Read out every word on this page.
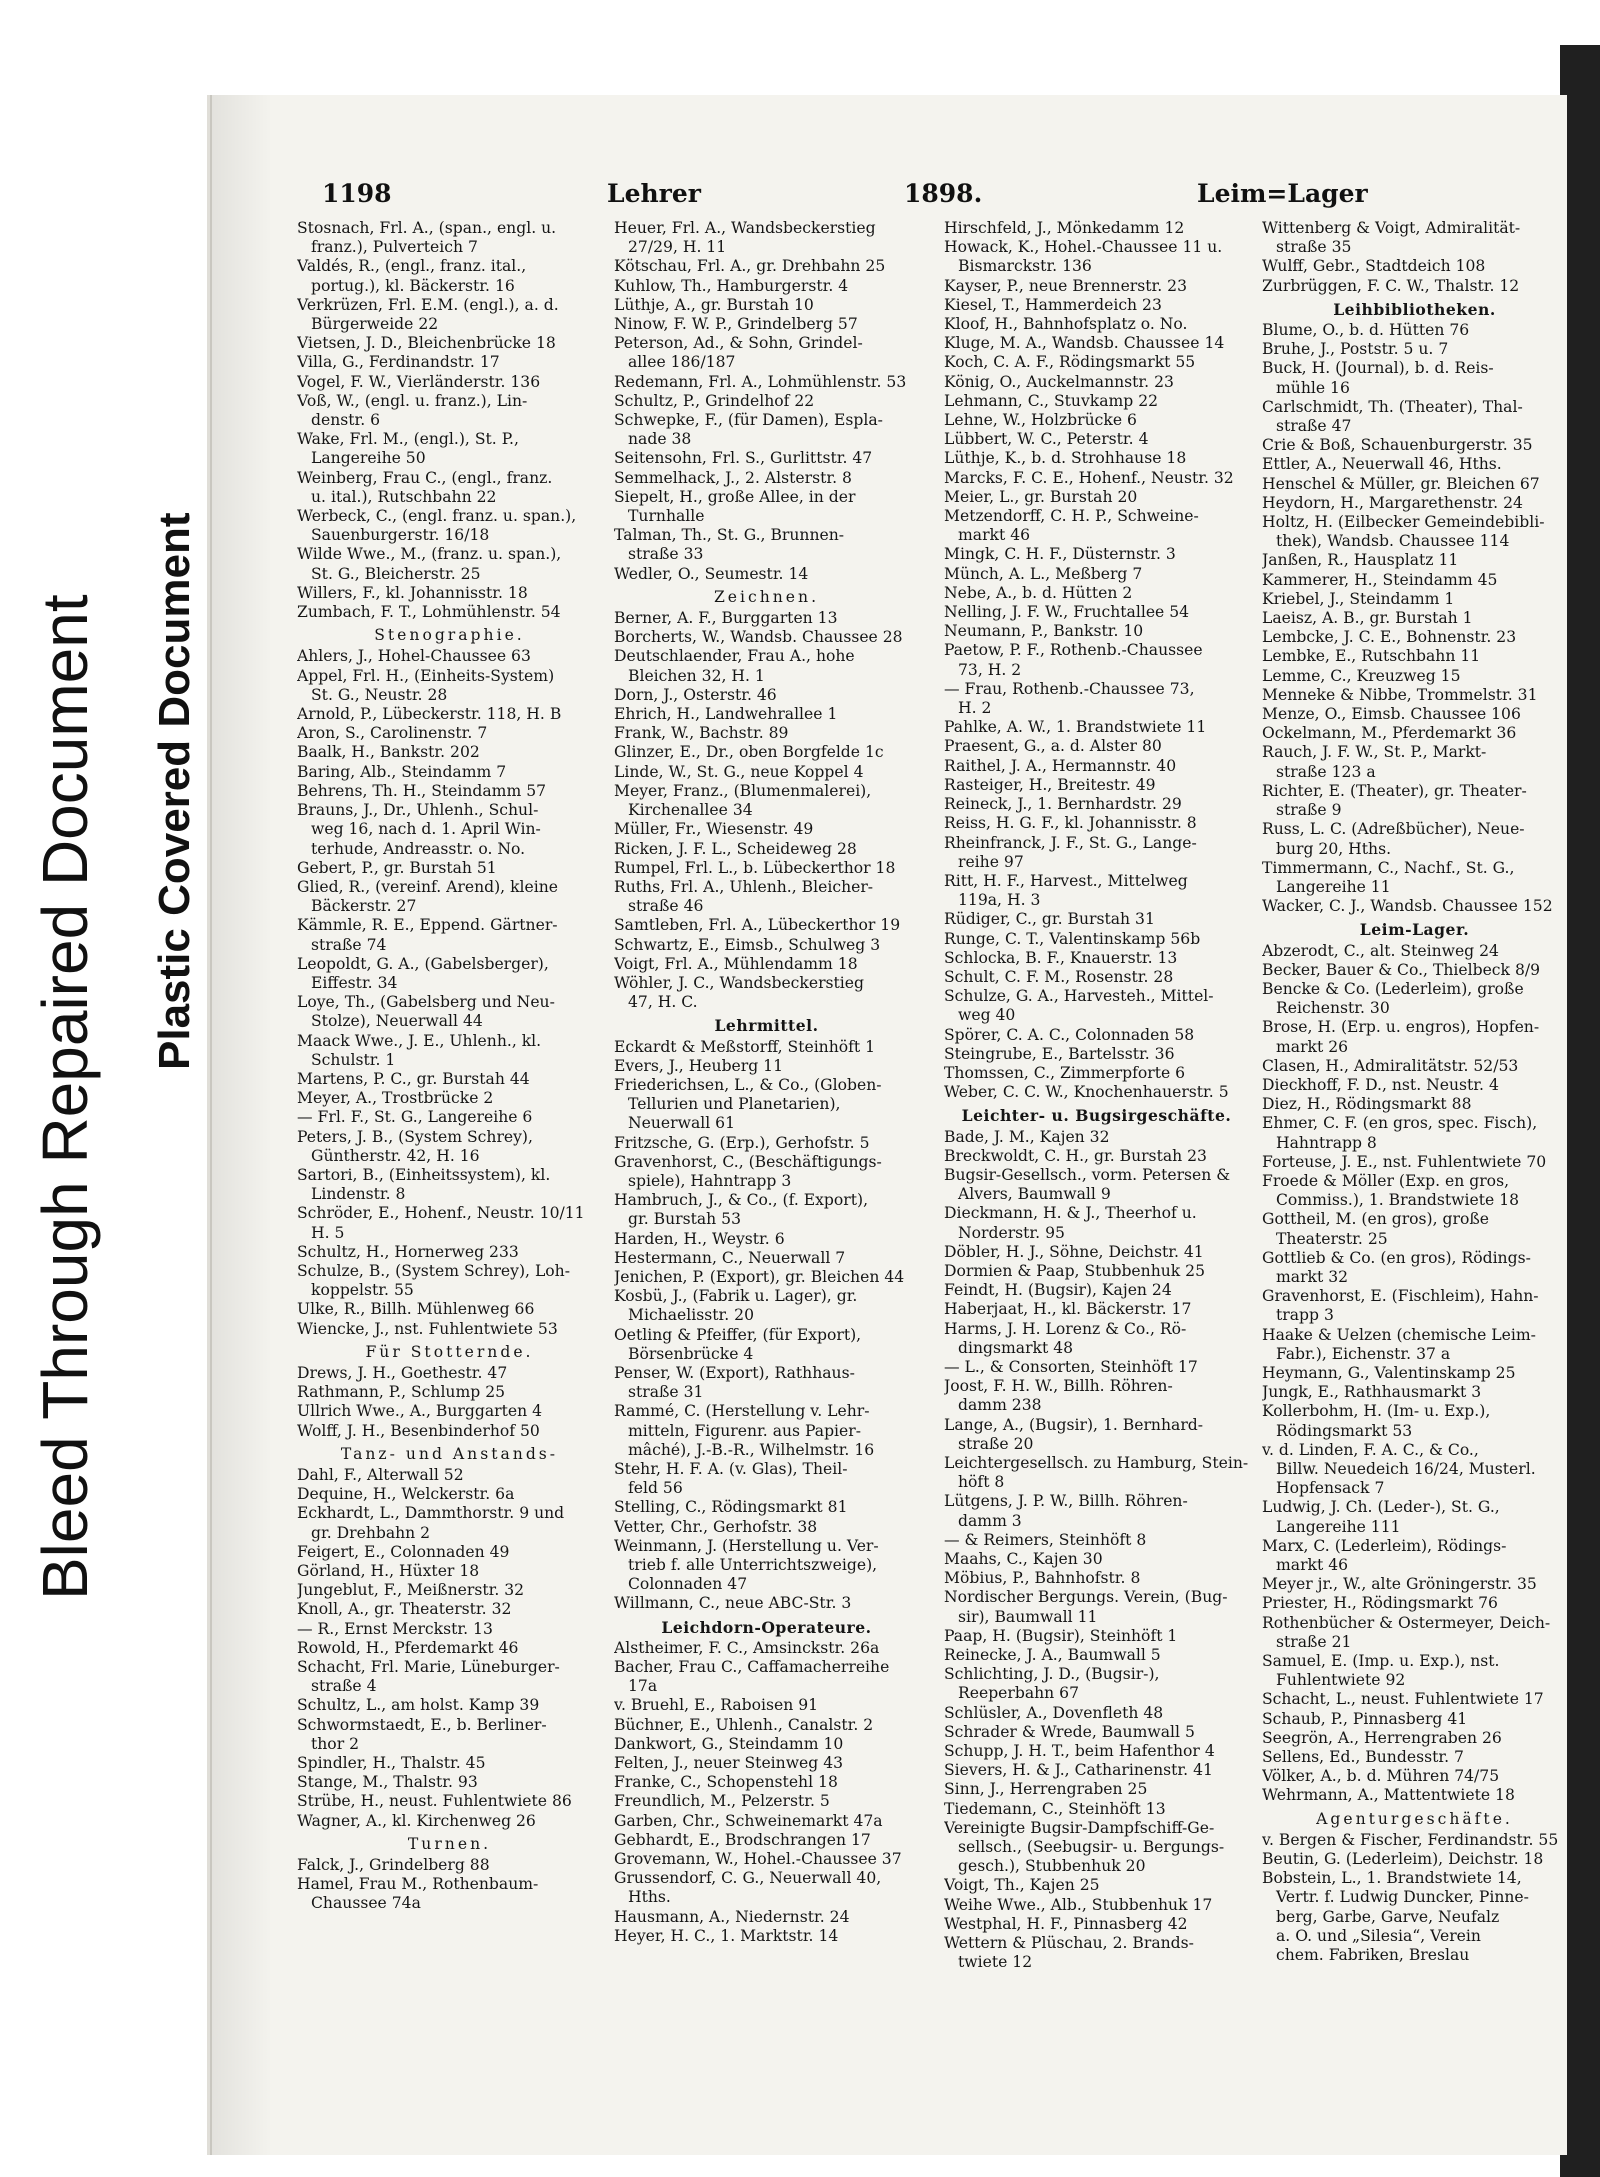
Bleed Through Repaired Document Plastic Covered Document
1198	Lehrer	1898.	Leim=Lager
Stosnach, Frl. A., (span., engl. u.
franz.), Pulverteich 7
Valdés, R., (engl., franz. ital.,
portug.), kl. Bäckerstr. 16
Verkrüzen, Frl. E.M. (engl.), a. d.
Bürgerweide 22
Vietsen, J. D., Bleichenbrücke 18
Villa, G., Ferdinandstr. 17
Vogel, F. W., Vierländerstr. 136
Voß, W., (engl. u. franz.), Lin-
denstr. 6
Wake, Frl. M., (engl.), St. P.,
Langereihe 50
Weinberg, Frau C., (engl., franz.
u. ital.), Rutschbahn 22
Werbeck, C., (engl. franz. u. span.),
Sauenburgerstr. 16/18
Wilde Wwe., M., (franz. u. span.),
St. G., Bleicherstr. 25
Willers, F., kl. Johannisstr. 18
Zumbach, F. T., Lohmühlenstr. 54
Stenographie.
Ahlers, J., Hohel-Chaussee 63
Appel, Frl. H., (Einheits-System)
St. G., Neustr. 28
Arnold, P., Lübeckerstr. 118, H. B
Aron, S., Carolinenstr. 7
Baalk, H., Bankstr. 202
Baring, Alb., Steindamm 7
Behrens, Th. H., Steindamm 57
Brauns, J., Dr., Uhlenh., Schul-
weg 16, nach d. 1. April Win-
terhude, Andreasstr. o. No.
Gebert, P., gr. Burstah 51
Glied, R., (vereinf. Arend), kleine
Bäckerstr. 27
Kämmle, R. E., Eppend. Gärtner-
straße 74
Leopoldt, G. A., (Gabelsberger),
Eiffestr. 34
Loye, Th., (Gabelsberg und Neu-
Stolze), Neuerwall 44
Maack Wwe., J. E., Uhlenh., kl.
Schulstr. 1
Martens, P. C., gr. Burstah 44
Meyer, A., Trostbrücke 2
— Frl. F., St. G., Langereihe 6
Peters, J. B., (System Schrey),
Güntherstr. 42, H. 16
Sartori, B., (Einheitssystem), kl.
Lindenstr. 8
Schröder, E., Hohenf., Neustr. 10/11
H. 5
Schultz, H., Hornerweg 233
Schulze, B., (System Schrey), Loh-
koppelstr. 55
Ulke, R., Billh. Mühlenweg 66
Wiencke, J., nst. Fuhlentwiete 53
Für Stotternde.
Drews, J. H., Goethestr. 47
Rathmann, P., Schlump 25
Ullrich Wwe., A., Burggarten 4
Wolff, J. H., Besenbinderhof 50
Tanz- und Anstands-
Dahl, F., Alterwall 52
Dequine, H., Welckerstr. 6a
Eckhardt, L., Dammthorstr. 9 und
gr. Drehbahn 2
Feigert, E., Colonnaden 49
Görland, H., Hüxter 18
Jungeblut, F., Meißnerstr. 32
Knoll, A., gr. Theaterstr. 32
— R., Ernst Merckstr. 13
Rowold, H., Pferdemarkt 46
Schacht, Frl. Marie, Lüneburger-
straße 4
Schultz, L., am holst. Kamp 39
Schwormstaedt, E., b. Berliner-
thor 2
Spindler, H., Thalstr. 45
Stange, M., Thalstr. 93
Strübe, H., neust. Fuhlentwiete 86
Wagner, A., kl. Kirchenweg 26
Turnen.
Falck, J., Grindelberg 88
Hamel, Frau M., Rothenbaum-
Chaussee 74a
Heuer, Frl. A., Wandsbeckerstieg
27/29, H. 11
Kötschau, Frl. A., gr. Drehbahn 25
Kuhlow, Th., Hamburgerstr. 4
Lüthje, A., gr. Burstah 10
Ninow, F. W. P., Grindelberg 57
Peterson, Ad., & Sohn, Grindel-
allee 186/187
Redemann, Frl. A., Lohmühlenstr. 53
Schultz, P., Grindelhof 22
Schwepke, F., (für Damen), Espla-
nade 38
Seitensohn, Frl. S., Gurlittstr. 47
Semmelhack, J., 2. Alsterstr. 8
Siepelt, H., große Allee, in der
Turnhalle
Talman, Th., St. G., Brunnen-
straße 33
Wedler, O., Seumestr. 14
Zeichnen.
Berner, A. F., Burggarten 13
Borcherts, W., Wandsb. Chaussee 28
Deutschlaender, Frau A., hohe
Bleichen 32, H. 1
Dorn, J., Osterstr. 46
Ehrich, H., Landwehrallee 1
Frank, W., Bachstr. 89
Glinzer, E., Dr., oben Borgfelde 1c
Linde, W., St. G., neue Koppel 4
Meyer, Franz., (Blumenmalerei),
Kirchenallee 34
Müller, Fr., Wiesenstr. 49
Ricken, J. F. L., Scheideweg 28
Rumpel, Frl. L., b. Lübeckerthor 18
Ruths, Frl. A., Uhlenh., Bleicher-
straße 46
Samtleben, Frl. A., Lübeckerthor 19
Schwartz, E., Eimsb., Schulweg 3
Voigt, Frl. A., Mühlendamm 18
Wöhler, J. C., Wandsbeckerstieg
47, H. C.
Lehrmittel.
Eckardt & Meßstorff, Steinhöft 1
Evers, J., Heuberg 11
Friederichsen, L., & Co., (Globen-
Tellurien und Planetarien),
Neuerwall 61
Fritzsche, G. (Erp.), Gerhofstr. 5
Gravenhorst, C., (Beschäftigungs-
spiele), Hahntrapp 3
Hambruch, J., & Co., (f. Export),
gr. Burstah 53
Harden, H., Weystr. 6
Hestermann, C., Neuerwall 7
Jenichen, P. (Export), gr. Bleichen 44
Kosbü, J., (Fabrik u. Lager), gr.
Michaelisstr. 20
Oetling & Pfeiffer, (für Export),
Börsenbrücke 4
Penser, W. (Export), Rathhaus-
straße 31
Rammé, C. (Herstellung v. Lehr-
mitteln, Figurenr. aus Papier-
mâché), J.-B.-R., Wilhelmstr. 16
Stehr, H. F. A. (v. Glas), Theil-
feld 56
Stelling, C., Rödingsmarkt 81
Vetter, Chr., Gerhofstr. 38
Weinmann, J. (Herstellung u. Ver-
trieb f. alle Unterrichtszweige),
Colonnaden 47
Willmann, C., neue ABC-Str. 3
Leichdorn-Operateure.
Alstheimer, F. C., Amsinckstr. 26a
Bacher, Frau C., Caffamacherreihe
17a
v. Bruehl, E., Raboisen 91
Büchner, E., Uhlenh., Canalstr. 2
Dankwort, G., Steindamm 10
Felten, J., neuer Steinweg 43
Franke, C., Schopenstehl 18
Freundlich, M., Pelzerstr. 5
Garben, Chr., Schweinemarkt 47a
Gebhardt, E., Brodschrangen 17
Grovemann, W., Hohel.-Chaussee 37
Grussendorf, C. G., Neuerwall 40,
Hths.
Hausmann, A., Niedernstr. 24
Heyer, H. C., 1. Marktstr. 14
Hirschfeld, J., Mönkedamm 12
Howack, K., Hohel.-Chaussee 11 u.
Bismarckstr. 136
Kayser, P., neue Brennerstr. 23
Kiesel, T., Hammerdeich 23
Kloof, H., Bahnhofsplatz o. No.
Kluge, M. A., Wandsb. Chaussee 14
Koch, C. A. F., Rödingsmarkt 55
König, O., Auckelmannstr. 23
Lehmann, C., Stuvkamp 22
Lehne, W., Holzbrücke 6
Lübbert, W. C., Peterstr. 4
Lüthje, K., b. d. Strohhause 18
Marcks, F. C. E., Hohenf., Neustr. 32
Meier, L., gr. Burstah 20
Metzendorff, C. H. P., Schweine-
markt 46
Mingk, C. H. F., Düsternstr. 3
Münch, A. L., Meßberg 7
Nebe, A., b. d. Hütten 2
Nelling, J. F. W., Fruchtallee 54
Neumann, P., Bankstr. 10
Paetow, P. F., Rothenb.-Chaussee
73, H. 2
— Frau, Rothenb.-Chaussee 73,
H. 2
Pahlke, A. W., 1. Brandstwiete 11
Praesent, G., a. d. Alster 80
Raithel, J. A., Hermannstr. 40
Rasteiger, H., Breitestr. 49
Reineck, J., 1. Bernhardstr. 29
Reiss, H. G. F., kl. Johannisstr. 8
Rheinfranck, J. F., St. G., Lange-
reihe 97
Ritt, H. F., Harvest., Mittelweg
119a, H. 3
Rüdiger, C., gr. Burstah 31
Runge, C. T., Valentinskamp 56b
Schlocka, B. F., Knauerstr. 13
Schult, C. F. M., Rosenstr. 28
Schulze, G. A., Harvesteh., Mittel-
weg 40
Spörer, C. A. C., Colonnaden 58
Steingrube, E., Bartelsstr. 36
Thomssen, C., Zimmerpforte 6
Weber, C. C. W., Knochenhauerstr. 5
Leichter- u. Bugsirgeschäfte.
Bade, J. M., Kajen 32
Breckwoldt, C. H., gr. Burstah 23
Bugsir-Gesellsch., vorm. Petersen &
Alvers, Baumwall 9
Dieckmann, H. & J., Theerhof u.
Norderstr. 95
Döbler, H. J., Söhne, Deichstr. 41
Dormien & Paap, Stubbenhuk 25
Feindt, H. (Bugsir), Kajen 24
Haberjaat, H., kl. Bäckerstr. 17
Harms, J. H. Lorenz & Co., Rö-
dingsmarkt 48
— L., & Consorten, Steinhöft 17
Joost, F. H. W., Billh. Röhren-
damm 238
Lange, A., (Bugsir), 1. Bernhard-
straße 20
Leichtergesellsch. zu Hamburg, Stein-
höft 8
Lütgens, J. P. W., Billh. Röhren-
damm 3
— & Reimers, Steinhöft 8
Maahs, C., Kajen 30
Möbius, P., Bahnhofstr. 8
Nordischer Bergungs. Verein, (Bug-
sir), Baumwall 11
Paap, H. (Bugsir), Steinhöft 1
Reinecke, J. A., Baumwall 5
Schlichting, J. D., (Bugsir-),
Reeperbahn 67
Schlüsler, A., Dovenfleth 48
Schrader & Wrede, Baumwall 5
Schupp, J. H. T., beim Hafenthor 4
Sievers, H. & J., Catharinenstr. 41
Sinn, J., Herrengraben 25
Tiedemann, C., Steinhöft 13
Vereinigte Bugsir-Dampfschiff-Ge-
sellsch., (Seebugsir- u. Bergungs-
gesch.), Stubbenhuk 20
Voigt, Th., Kajen 25
Weihe Wwe., Alb., Stubbenhuk 17
Westphal, H. F., Pinnasberg 42
Wettern & Plüschau, 2. Brands-
twiete 12
Wittenberg & Voigt, Admiralität-
straße 35
Wulff, Gebr., Stadtdeich 108
Zurbrüggen, F. C. W., Thalstr. 12
Leihbibliotheken.
Blume, O., b. d. Hütten 76
Bruhe, J., Poststr. 5 u. 7
Buck, H. (Journal), b. d. Reis-
mühle 16
Carlschmidt, Th. (Theater), Thal-
straße 47
Crie & Boß, Schauenburgerstr. 35
Ettler, A., Neuerwall 46, Hths.
Henschel & Müller, gr. Bleichen 67
Heydorn, H., Margarethenstr. 24
Holtz, H. (Eilbecker Gemeindebibli-
thek), Wandsb. Chaussee 114
Janßen, R., Hausplatz 11
Kammerer, H., Steindamm 45
Kriebel, J., Steindamm 1
Laeisz, A. B., gr. Burstah 1
Lembcke, J. C. E., Bohnenstr. 23
Lembke, E., Rutschbahn 11
Lemme, C., Kreuzweg 15
Menneke & Nibbe, Trommelstr. 31
Menze, O., Eimsb. Chaussee 106
Ockelmann, M., Pferdemarkt 36
Rauch, J. F. W., St. P., Markt-
straße 123 a
Richter, E. (Theater), gr. Theater-
straße 9
Russ, L. C. (Adreßbücher), Neue-
burg 20, Hths.
Timmermann, C., Nachf., St. G.,
Langereihe 11
Wacker, C. J., Wandsb. Chaussee 152
Leim-Lager.
Abzerodt, C., alt. Steinweg 24
Becker, Bauer & Co., Thielbeck 8/9
Bencke & Co. (Lederleim), große
Reichenstr. 30
Brose, H. (Erp. u. engros), Hopfen-
markt 26
Clasen, H., Admiralitätstr. 52/53
Dieckhoff, F. D., nst. Neustr. 4
Diez, H., Rödingsmarkt 88
Ehmer, C. F. (en gros, spec. Fisch),
Hahntrapp 8
Forteuse, J. E., nst. Fuhlentwiete 70
Froede & Möller (Exp. en gros,
Commiss.), 1. Brandstwiete 18
Gottheil, M. (en gros), große
Theaterstr. 25
Gottlieb & Co. (en gros), Rödings-
markt 32
Gravenhorst, E. (Fischleim), Hahn-
trapp 3
Haake & Uelzen (chemische Leim-
Fabr.), Eichenstr. 37 a
Heymann, G., Valentinskamp 25
Jungk, E., Rathhausmarkt 3
Kollerbohm, H. (Im- u. Exp.),
Rödingsmarkt 53
v. d. Linden, F. A. C., & Co.,
Billw. Neuedeich 16/24, Musterl.
Hopfensack 7
Ludwig, J. Ch. (Leder-), St. G.,
Langereihe 111
Marx, C. (Lederleim), Rödings-
markt 46
Meyer jr., W., alte Gröningerstr. 35
Priester, H., Rödingsmarkt 76
Rothenbücher & Ostermeyer, Deich-
straße 21
Samuel, E. (Imp. u. Exp.), nst.
Fuhlentwiete 92
Schacht, L., neust. Fuhlentwiete 17
Schaub, P., Pinnasberg 41
Seegrön, A., Herrengraben 26
Sellens, Ed., Bundesstr. 7
Völker, A., b. d. Mühren 74/75
Wehrmann, A., Mattentwiete 18
Agenturgeschäfte.
v. Bergen & Fischer, Ferdinandstr. 55
Beutin, G. (Lederleim), Deichstr. 18
Bobstein, L., 1. Brandstwiete 14,
Vertr. f. Ludwig Duncker, Pinne-
berg, Garbe, Garve, Neufalz
a. O. und „Silesia“, Verein
chem. Fabriken, Breslau
